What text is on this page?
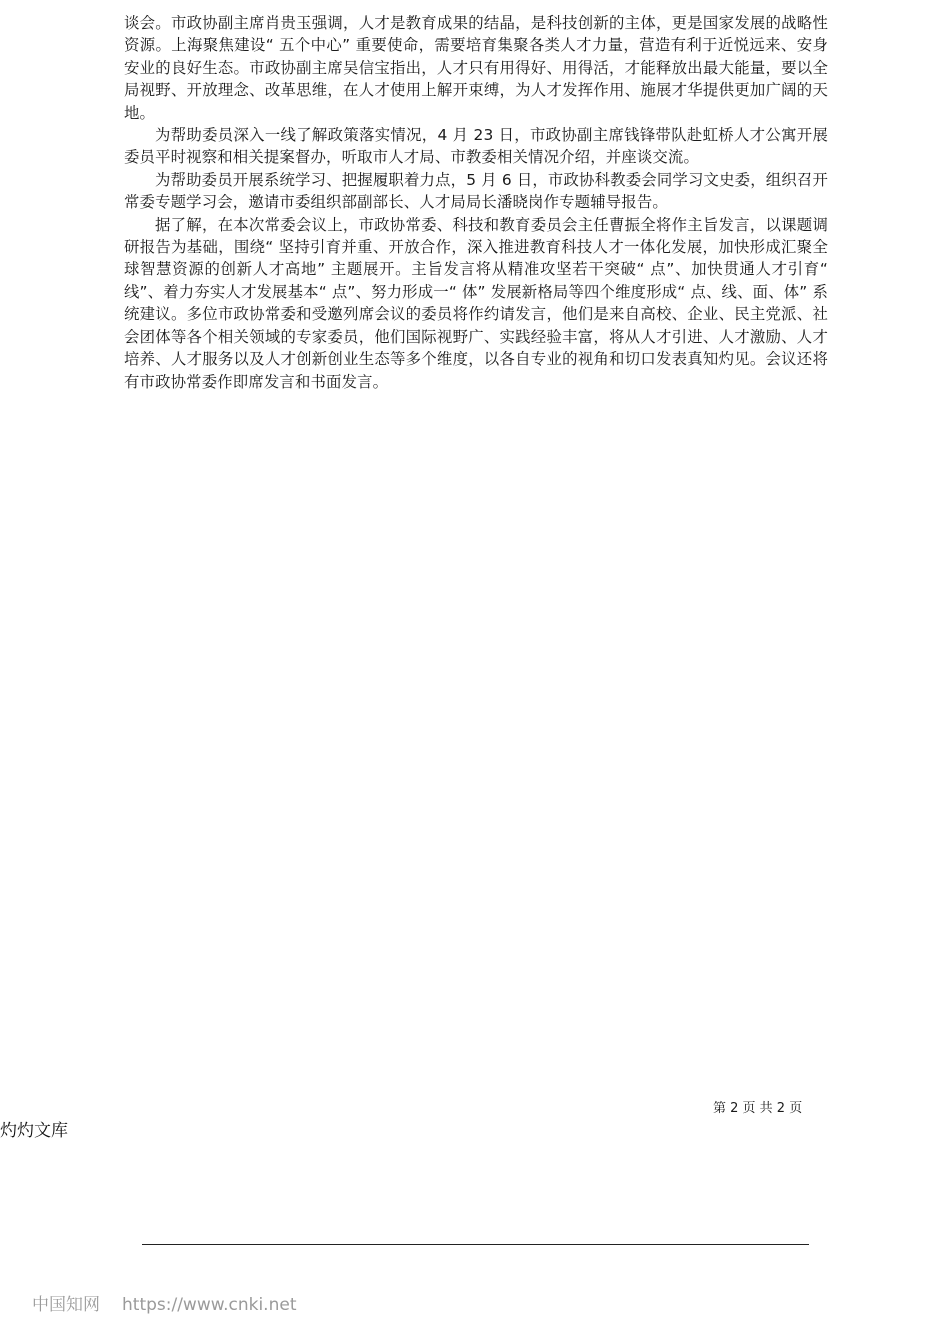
谈会。市政协副主席肖贵玉强调，人才是教育成果的结晶，是科技创新的主体，更是国家发展的战略性资源。上海聚焦建设“ 五个中心” 重要使命，需要培育集聚各类人才力量，营造有利于近悦远来、安身安业的良好生态。市政协副主席吴信宝指出，人才只有用得好、用得活，才能释放出最大能量，要以全局视野、开放理念、改革思维，在人才使用上解开束缚，为人才发挥作用、施展才华提供更加广阔的天地。

为帮助委员深入一线了解政策落实情况，4 月 23 日，市政协副主席钱锋带队赴虹桥人才公寓开展委员平时视察和相关提案督办，听取市人才局、市教委相关情况介绍，并座谈交流。

为帮助委员开展系统学习、把握履职着力点，5 月 6 日，市政协科教委会同学习文史委，组织召开常委专题学习会，邀请市委组织部副部长、人才局局长潘晓岗作专题辅导报告。

据了解，在本次常委会议上，市政协常委、科技和教育委员会主任曹振全将作主旨发言，以课题调研报告为基础，围绕“ 坚持引育并重、开放合作，深入推进教育科技人才一体化发展，加快形成汇聚全球智慧资源的创新人才高地” 主题展开。主旨发言将从精准攻坚若干突破“ 点”、加快贯通人才引育“ 线”、着力夯实人才发展基本“ 点”、努力形成一“ 体” 发展新格局等四个维度形成“ 点、线、面、体” 系统建议。多位市政协常委和受邀列席会议的委员将作约请发言，他们是来自高校、企业、民主党派、社会团体等各个相关领域的专家委员，他们国际视野广、实践经验丰富，将从人才引进、人才激励、人才培养、人才服务以及人才创新创业生态等多个维度，以各自专业的视角和切口发表真知灼见。会议还将有市政协常委作即席发言和书面发言。

第 2 页 共 2 页
灼灼文库
中国知网 https://www.cnki.net
